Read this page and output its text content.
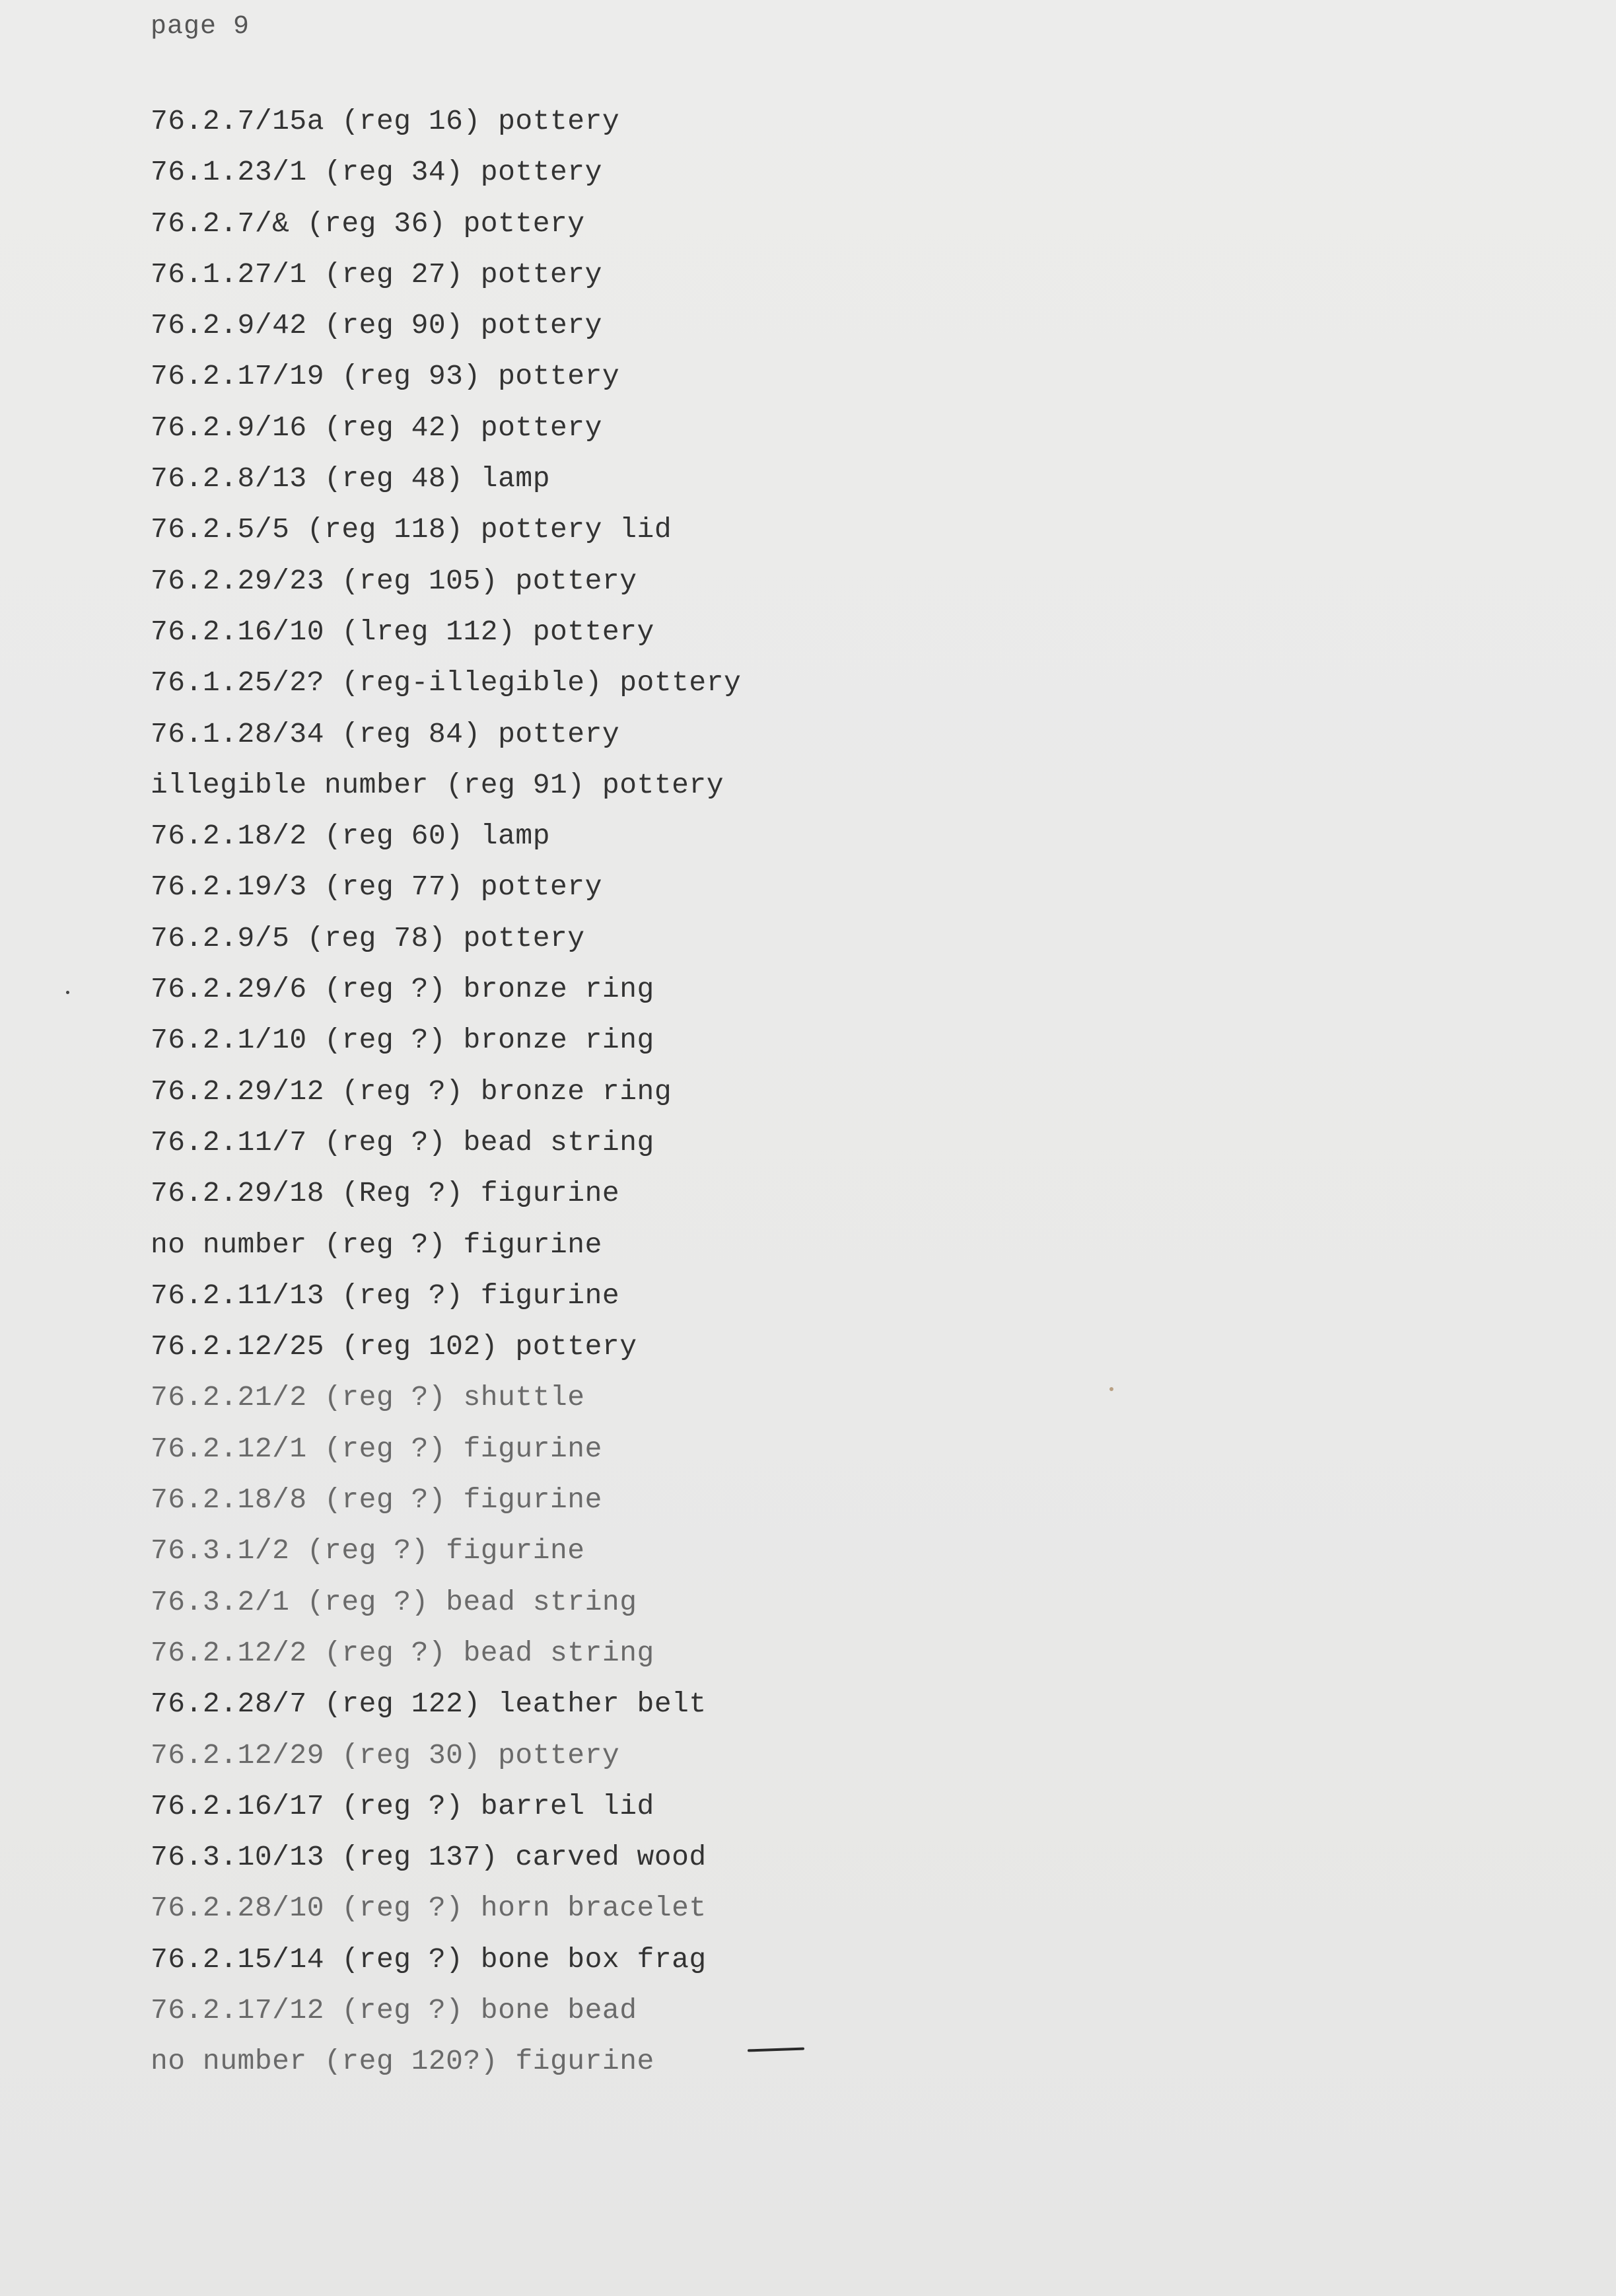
page 9
76.2.7/15a (reg 16) pottery
76.1.23/1 (reg 34) pottery
76.2.7/& (reg 36) pottery
76.1.27/1 (reg 27) pottery
76.2.9/42 (reg 90) pottery
76.2.17/19 (reg 93) pottery
76.2.9/16 (reg 42) pottery
76.2.8/13 (reg 48) lamp
76.2.5/5 (reg 118) pottery lid
76.2.29/23 (reg 105) pottery
76.2.16/10 (lreg 112) pottery
76.1.25/2? (reg-illegible) pottery
76.1.28/34 (reg 84) pottery
illegible number (reg 91) pottery
76.2.18/2 (reg 60) lamp
76.2.19/3 (reg 77) pottery
76.2.9/5 (reg 78) pottery
76.2.29/6 (reg ?) bronze ring
76.2.1/10 (reg ?) bronze ring
76.2.29/12 (reg ?) bronze ring
76.2.11/7 (reg ?) bead string
76.2.29/18 (Reg ?) figurine
no number (reg ?) figurine
76.2.11/13 (reg ?) figurine
76.2.12/25 (reg 102) pottery
76.2.21/2 (reg ?) shuttle
76.2.12/1 (reg ?) figurine
76.2.18/8 (reg ?) figurine
76.3.1/2 (reg ?) figurine
76.3.2/1 (reg ?) bead string
76.2.12/2 (reg ?) bead string
76.2.28/7 (reg 122) leather belt
76.2.12/29 (reg 30) pottery
76.2.16/17 (reg ?) barrel lid
76.3.10/13 (reg 137) carved wood
76.2.28/10 (reg ?) horn bracelet
76.2.15/14 (reg ?) bone box frag
76.2.17/12 (reg ?) bone bead
no number (reg 120?) figurine
